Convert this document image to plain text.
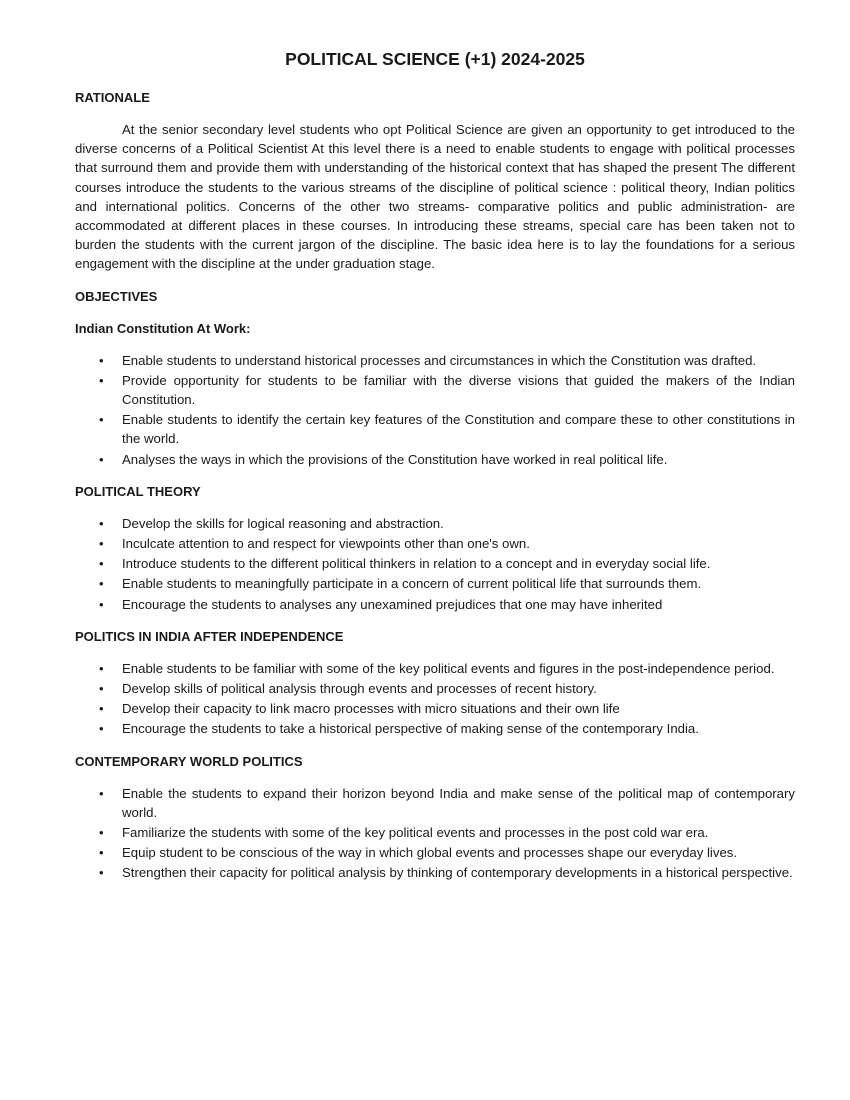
POLITICAL SCIENCE (+1) 2024-2025
RATIONALE

At the senior secondary level students who opt Political Science are given an opportunity to get introduced to the diverse concerns of a Political Scientist At this level there is a need to enable students to engage with political processes that surround them and provide them with understanding of the historical context that has shaped the present The different courses introduce the students to the various streams of the discipline of political science : political theory, Indian politics and international politics. Concerns of the other two streams- comparative politics and public administration- are accommodated at different places in these courses. In introducing these streams, special care has been taken not to burden the students with the current jargon of the discipline. The basic idea here is to lay the foundations for a serious engagement with the discipline at the under graduation stage.

OBJECTIVES
Indian Constitution At Work:
• Enable students to understand historical processes and circumstances in which the Constitution was drafted.
• Provide opportunity for students to be familiar with the diverse visions that guided the makers of the Indian Constitution.
• Enable students to identify the certain key features of the Constitution and compare these to other constitutions in the world.
• Analyses the ways in which the provisions of the Constitution have worked in real political life.
POLITICAL THEORY
• Develop the skills for logical reasoning and abstraction.
• Inculcate attention to and respect for viewpoints other than one's own.
• Introduce students to the different political thinkers in relation to a concept and in everyday social life.
• Enable students to meaningfully participate in a concern of current political life that surrounds them.
• Encourage the students to analyses any unexamined prejudices that one may have inherited
POLITICS IN INDIA AFTER INDEPENDENCE
• Enable students to be familiar with some of the key political events and figures in the post-independence period.
• Develop skills of political analysis through events and processes of recent history.
• Develop their capacity to link macro processes with micro situations and their own life
• Encourage the students to take a historical perspective of making sense of the contemporary India.
CONTEMPORARY WORLD POLITICS
• Enable the students to expand their horizon beyond India and make sense of the political map of contemporary world.
• Familiarize the students with some of the key political events and processes in the post cold war era.
• Equip student to be conscious of the way in which global events and processes shape our everyday lives.
• Strengthen their capacity for political analysis by thinking of contemporary developments in a historical perspective.
